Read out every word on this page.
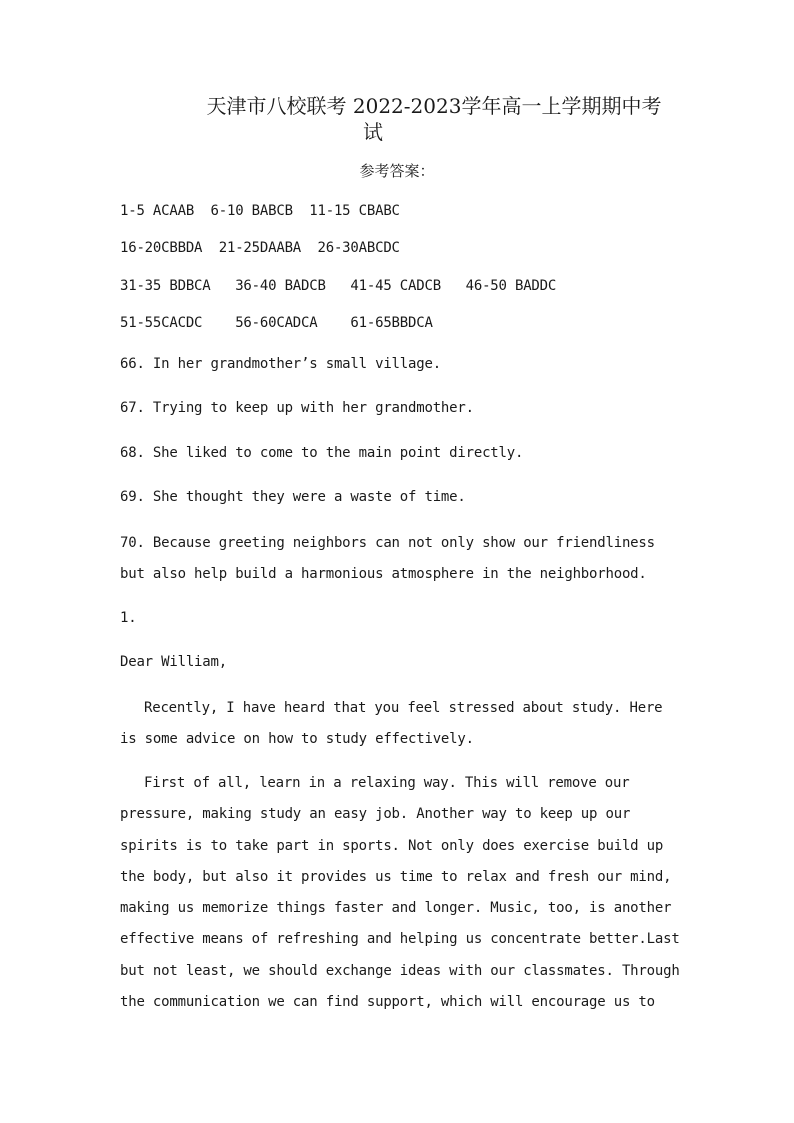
天津市八校联考 2022-2023学年高一上学期期中考
试
参考答案：
1-5 ACAAB  6-10 BABCB  11-15 CBABC
16-20CBBDA  21-25DAABA  26-30ABCDC
31-35 BDBCA   36-40 BADCB   41-45 CADCB   46-50 BADDC
51-55CACDC    56-60CADCA    61-65BBDCA
66. In her grandmother’s small village.
67. Trying to keep up with her grandmother.
68. She liked to come to the main point directly.
69. She thought they were a waste of time.
70. Because greeting neighbors can not only show our friendliness but also help build a harmonious atmosphere in the neighborhood.
1.
Dear William,
Recently, I have heard that you feel stressed about study. Here is some advice on how to study effectively.
First of all, learn in a relaxing way. This will remove our pressure, making study an easy job. Another way to keep up our spirits is to take part in sports. Not only does exercise build up the body, but also it provides us time to relax and fresh our mind, making us memorize things faster and longer. Music, too, is another effective means of refreshing and helping us concentrate better.Last but not least, we should exchange ideas with our classmates. Through the communication we can find support, which will encourage us to
